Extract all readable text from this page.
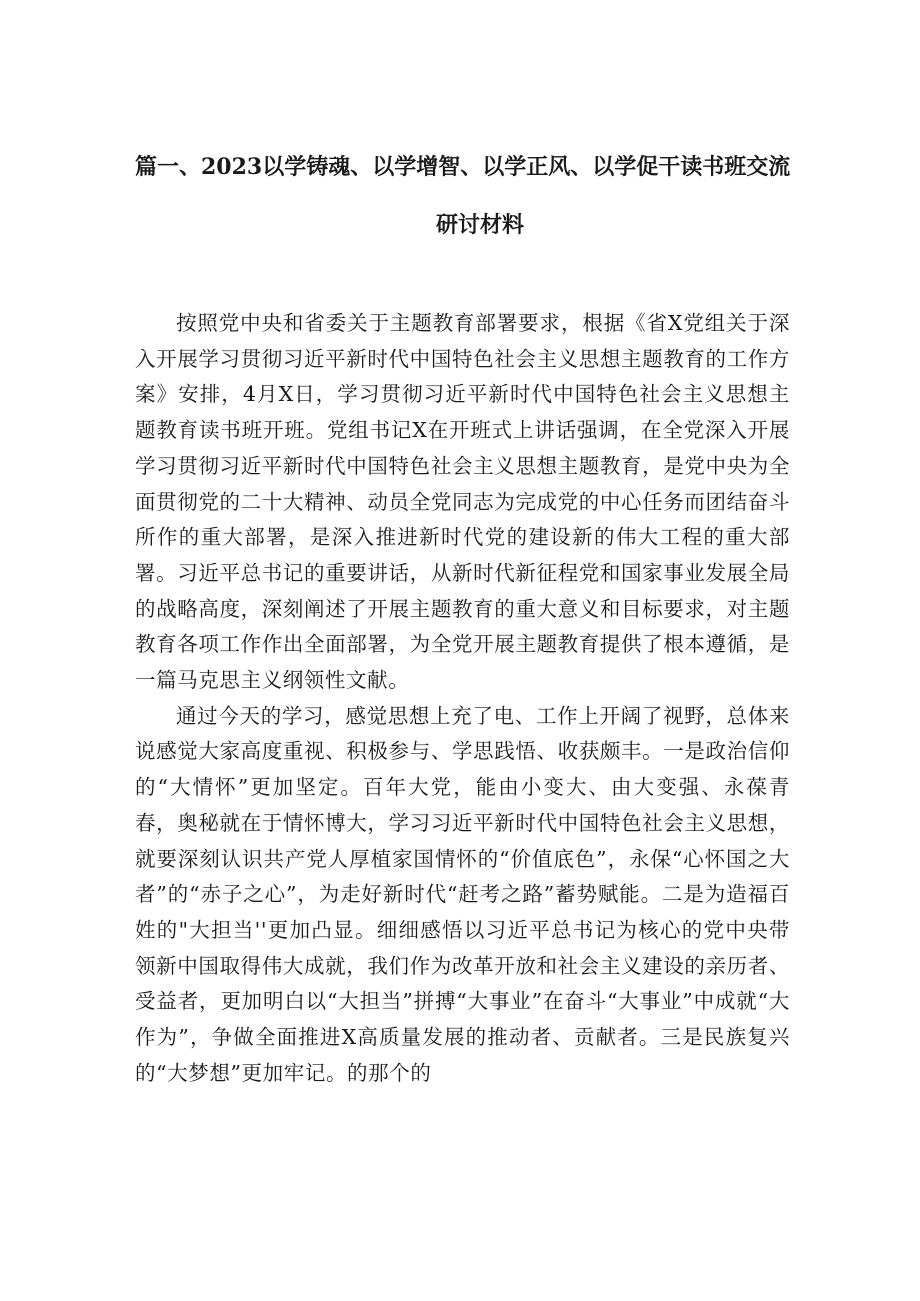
篇一、2023以学铸魂、以学增智、以学正风、以学促干读书班交流
研讨材料

按照党中央和省委关于主题教育部署要求，根据《省X党组关于深入开展学习贯彻习近平新时代中国特色社会主义思想主题教育的工作方案》安排，4月X日，学习贯彻习近平新时代中国特色社会主义思想主题教育读书班开班。党组书记X在开班式上讲话强调，在全党深入开展学习贯彻习近平新时代中国特色社会主义思想主题教育，是党中央为全面贯彻党的二十大精神、动员全党同志为完成党的中心任务而团结奋斗所作的重大部署，是深入推进新时代党的建设新的伟大工程的重大部署。习近平总书记的重要讲话，从新时代新征程党和国家事业发展全局的战略高度，深刻阐述了开展主题教育的重大意义和目标要求，对主题教育各项工作作出全面部署，为全党开展主题教育提供了根本遵循，是一篇马克思主义纲领性文献。

通过今天的学习，感觉思想上充了电、工作上开阔了视野，总体来说感觉大家高度重视、积极参与、学思践悟、收获颇丰。一是政治信仰的“大情怀”更加坚定。百年大党，能由小变大、由大变强、永葆青春，奥秘就在于情怀博大，学习习近平新时代中国特色社会主义思想，就要深刻认识共产党人厚植家国情怀的“价值底色”，永保“心怀国之大者”的“赤子之心”，为走好新时代“赶考之路”蓄势赋能。二是为造福百姓的"大担当''更加凸显。细细感悟以习近平总书记为核心的党中央带领新中国取得伟大成就，我们作为改革开放和社会主义建设的亲历者、受益者，更加明白以“大担当”拼搏“大事业”在奋斗“大事业”中成就“大作为”，争做全面推进X高质量发展的推动者、贡献者。三是民族复兴的“大梦想”更加牢记。的那个的
